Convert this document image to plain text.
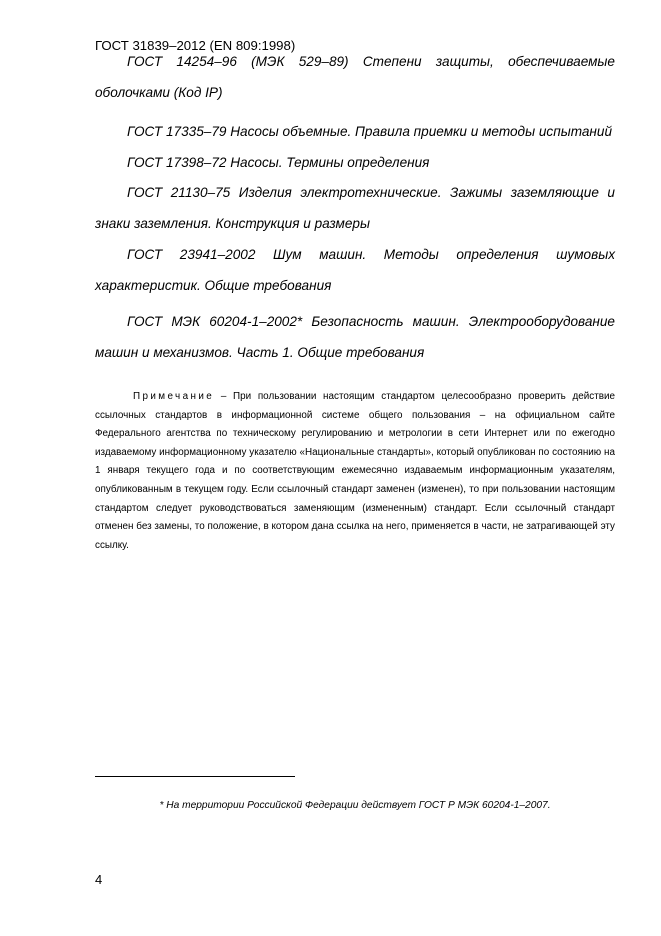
ГОСТ 31839–2012 (EN 809:1998)

ГОСТ 14254–96 (МЭК 529–89) Степени защиты, обеспечиваемые оболочками (Код IP)

ГОСТ 17335–79 Насосы объемные. Правила приемки и методы испытаний

ГОСТ 17398–72 Насосы. Термины определения

ГОСТ 21130–75 Изделия электротехнические. Зажимы заземляющие и знаки заземления. Конструкция и размеры

ГОСТ 23941–2002 Шум машин. Методы определения шумовых характеристик. Общие требования

ГОСТ МЭК 60204-1–2002* Безопасность машин. Электрооборудование машин и механизмов. Часть 1. Общие требования

Примечание – При пользовании настоящим стандартом целесообразно проверить действие ссылочных стандартов в информационной системе общего пользования – на официальном сайте Федерального агентства по техническому регулированию и метрологии в сети Интернет или по ежегодно издаваемому информационному указателю «Национальные стандарты», который опубликован по состоянию на 1 января текущего года и по соответствующим ежемесячно издаваемым информационным указателям, опубликованным в текущем году. Если ссылочный стандарт заменен (изменен), то при пользовании настоящим стандартом следует руководствоваться заменяющим (измененным) стандарт. Если ссылочный стандарт отменен без замены, то положение, в котором дана ссылка на него, применяется в части, не затрагивающей эту ссылку.

* На территории Российской Федерации действует ГОСТ Р МЭК 60204-1–2007.
4
